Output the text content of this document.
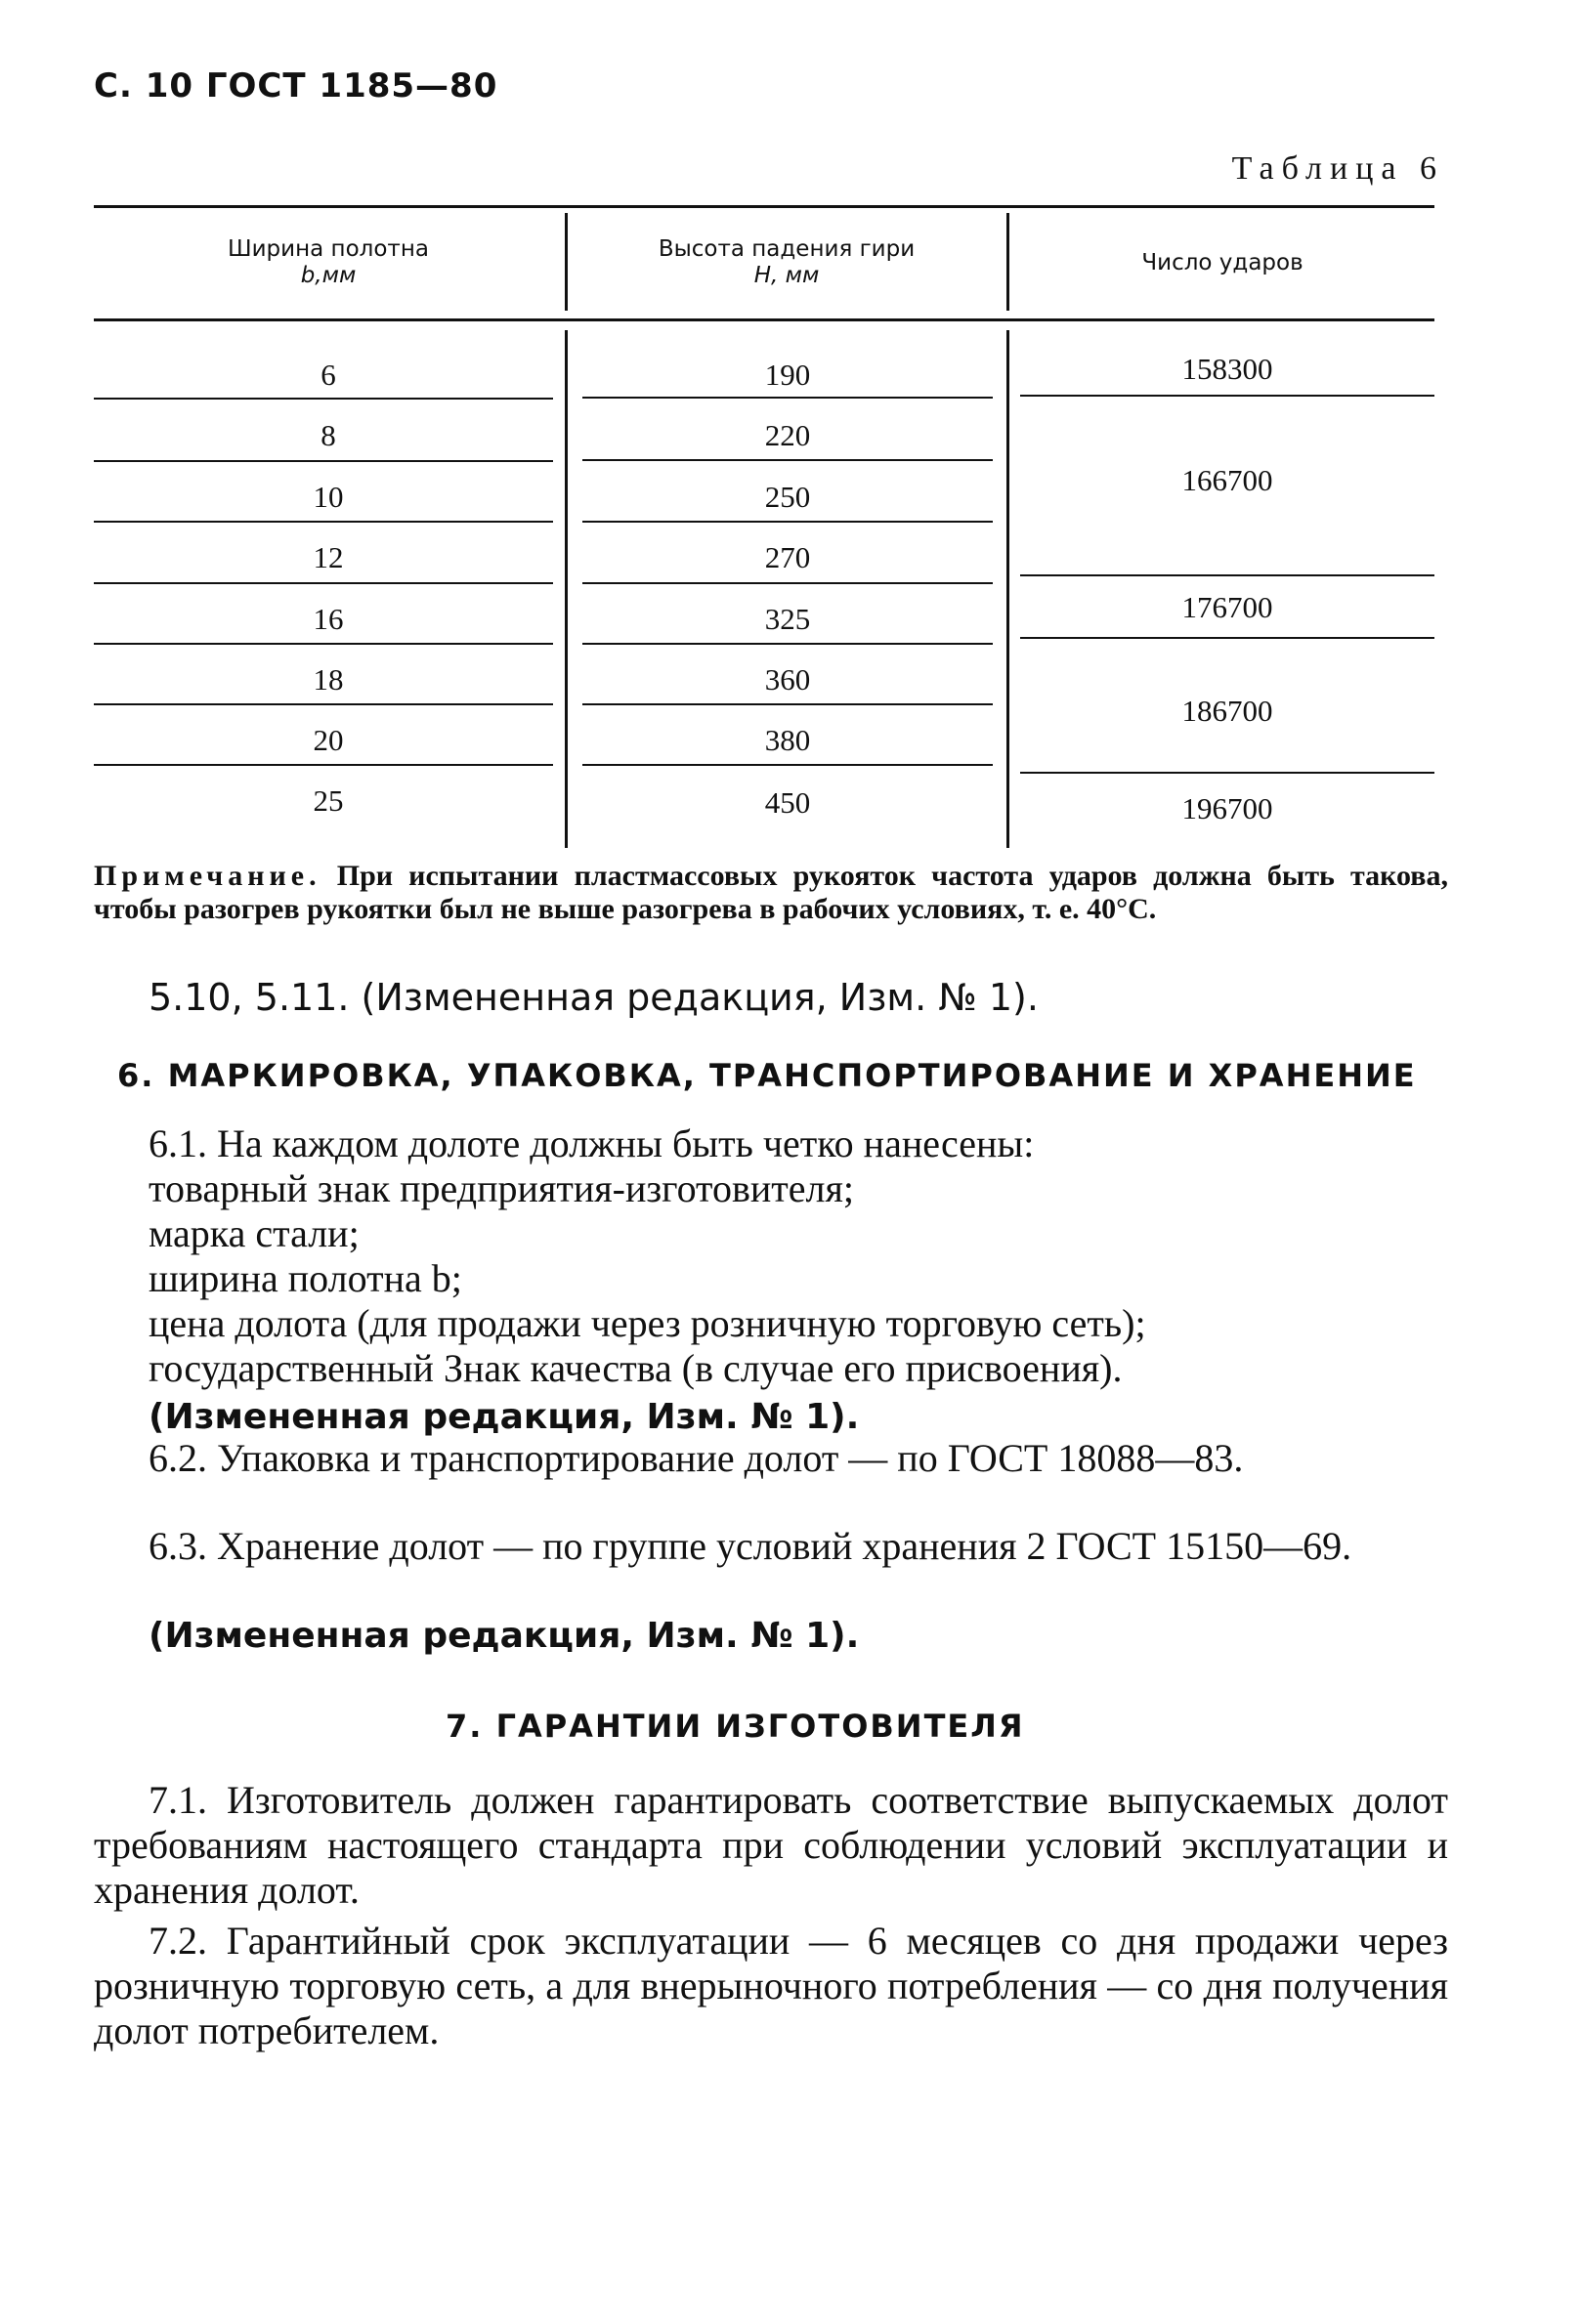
С. 10 ГОСТ 1185—80
Таблица 6
Ширина полотна
b,мм
Высота падения гири
H, мм	Число ударов
6
8
10
12
16
18
20
25
190
220
250
270
325
360
380
450
158300
166700
176700
186700
196700
Примечание. При испытании пластмассовых рукояток частота ударов должна быть такова, чтобы разогрев рукоятки был не выше разогрева в рабочих условиях, т. е. 40°С.
5.10, 5.11. (Измененная редакция, Изм. № 1).
6. МАРКИРОВКА, УПАКОВКА, ТРАНСПОРТИРОВАНИЕ И ХРАНЕНИЕ
6.1. На каждом долоте должны быть четко нанесены:
товарный знак предприятия-изготовителя;
марка стали;
ширина полотна b;
цена долота (для продажи через розничную торговую сеть);
государственный Знак качества (в случае его присвоения).
(Измененная редакция, Изм. № 1).
6.2. Упаковка и транспортирование долот — по ГОСТ 18088—83.
6.3. Хранение долот — по группе условий хранения 2 ГОСТ 15150—69.
(Измененная редакция, Изм. № 1).
7. ГАРАНТИИ ИЗГОТОВИТЕЛЯ
7.1. Изготовитель должен гарантировать соответствие выпускаемых долот требованиям настоящего стандарта при соблюдении условий эксплуатации и хранения долот.
7.2. Гарантийный срок эксплуатации — 6 месяцев со дня продажи через розничную торговую сеть, а для внерыночного потребления — со дня получения долот потребителем.
